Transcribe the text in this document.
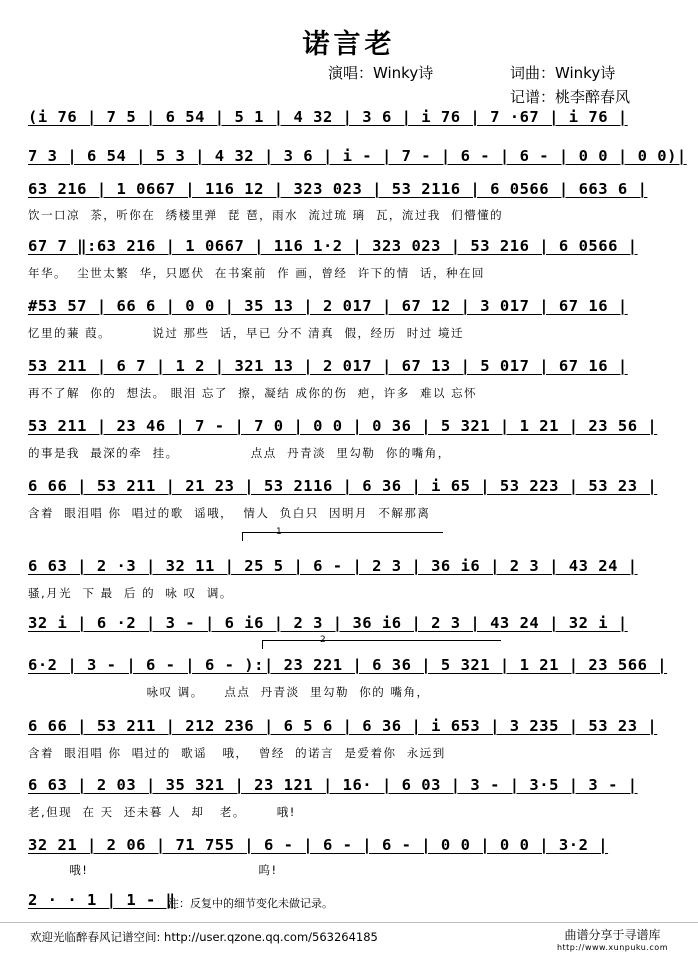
诺言老
演唱：Winky诗	词曲：Winky诗
记谱：桃李醉春风
(i 76 | 7 5 | 6 54 | 5 1 | 4 32 | 3 6 | i 76 | 7 ·67 | i 76 |
7 3 | 6 54 | 5 3 | 4 32 | 3 6 | i - | 7 - | 6 - | 6 - | 0 0 | 0 0)|
63 216 | 1 0667 | 116 12 | 323 023 | 53 2116 | 6 0566 | 663 6 |
饮一口凉  茶，听你在  绣楼里弹  琵 琶，雨水  流过琉 璃  瓦，流过我  们懵懂的
67 7 ‖:63 216 | 1 0667 | 116 1·2 | 323 023 | 53 216 | 6 0566 |
年华。  尘世太繁  华，只愿伏  在书案前  作 画，曾经  许下的情  话，种在回
#53 57 | 66 6 | 0 0 | 35 13 | 2 017 | 67 12 | 3 017 | 67 16 |
忆里的蒹 葭。        说过 那些  话，早已 分不 清真  假，经历  时过 境迁
53 211 | 6 7 | 1 2 | 321 13 | 2 017 | 67 13 | 5 017 | 67 16 |
再不了解  你的  想法。 眼泪 忘了  擦，凝结 成你的伤  疤，许多  难以 忘怀
53 211 | 23 46 | 7 - | 7 0 | 0 0 | 0 36 | 5 321 | 1 21 | 23 56 |
的事是我  最深的牵  挂。              点点  丹青淡  里勾勒  你的嘴角，
6 66 | 53 211 | 21 23 | 53 2116 | 6 36 | i 65 | 53 223 | 53 23 |
含着  眼泪唱 你  唱过的歌  谣哦，  情人  负白只  因明月  不解那离
1
6 63 | 2 ·3 | 32 11 | 25 5 | 6 - | 2 3 | 36 i6 | 2 3 | 43 24 |
骚,月光  下 最  后 的  咏 叹  调。
32 i | 6 ·2 | 3 - | 6 i6 | 2 3 | 36 i6 | 2 3 | 43 24 | 32 i |
2
6·2 | 3 - | 6 - | 6 - ):| 23 221 | 6 36 | 5 321 | 1 21 | 23 566 |
咏叹 调。    点点  丹青淡  里勾勒  你的 嘴角，
6 66 | 53 211 | 212 236 | 6 5 6 | 6 36 | i 653 | 3 235 | 53 23 |
含着  眼泪唱 你  唱过的  歌谣   哦，  曾经  的诺言  是爱着你  永远到
6 63 | 2 03 | 35 321 | 23 121 | 16· | 6 03 | 3 - | 3·5 | 3 - |
老,但现  在 天  还未暮 人  却   老。      哦!
32 21 | 2 06 | 71 755 | 6 - | 6 - | 6 - | 0 0 | 0 0 | 3·2 |
哦!                                 呜!
2 · · 1 | 1 - ‖
注：反复中的细节变化未做记录。
欢迎光临醉春风记谱空间: http://user.qzone.qq.com/563264185	曲谱分享于寻谱库
http://www.xunpuku.com
